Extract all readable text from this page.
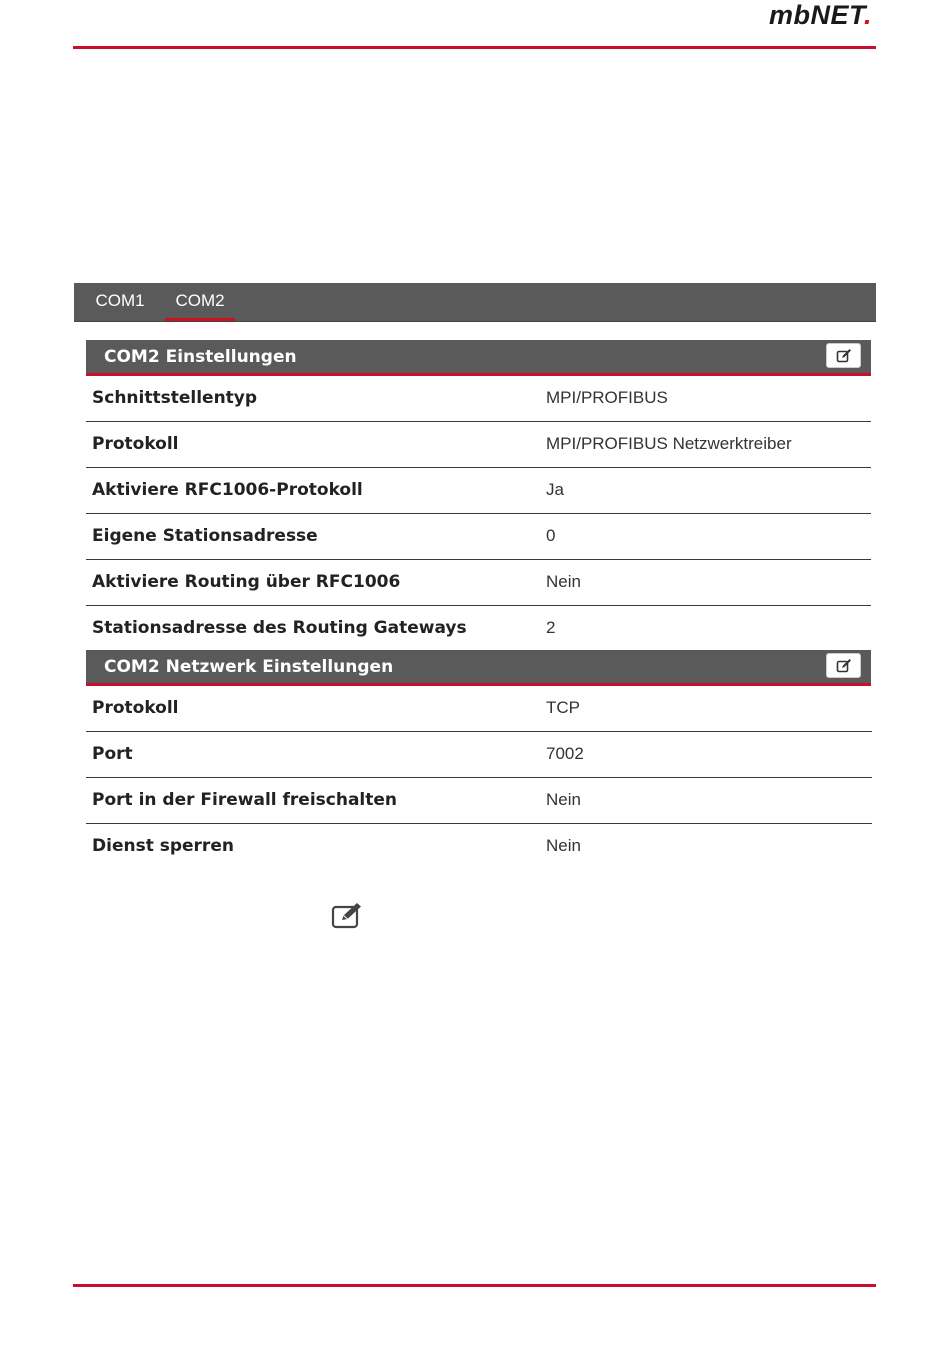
mbNET.
COM1	COM2
COM2 Einstellungen
Schnittstellentyp	MPI/PROFIBUS
Protokoll	MPI/PROFIBUS Netzwerktreiber
Aktiviere RFC1006-Protokoll	Ja
Eigene Stationsadresse	0
Aktiviere Routing über RFC1006	Nein
Stationsadresse des Routing Gateways	2
COM2 Netzwerk Einstellungen
Protokoll	TCP
Port	7002
Port in der Firewall freischalten	Nein
Dienst sperren	Nein
